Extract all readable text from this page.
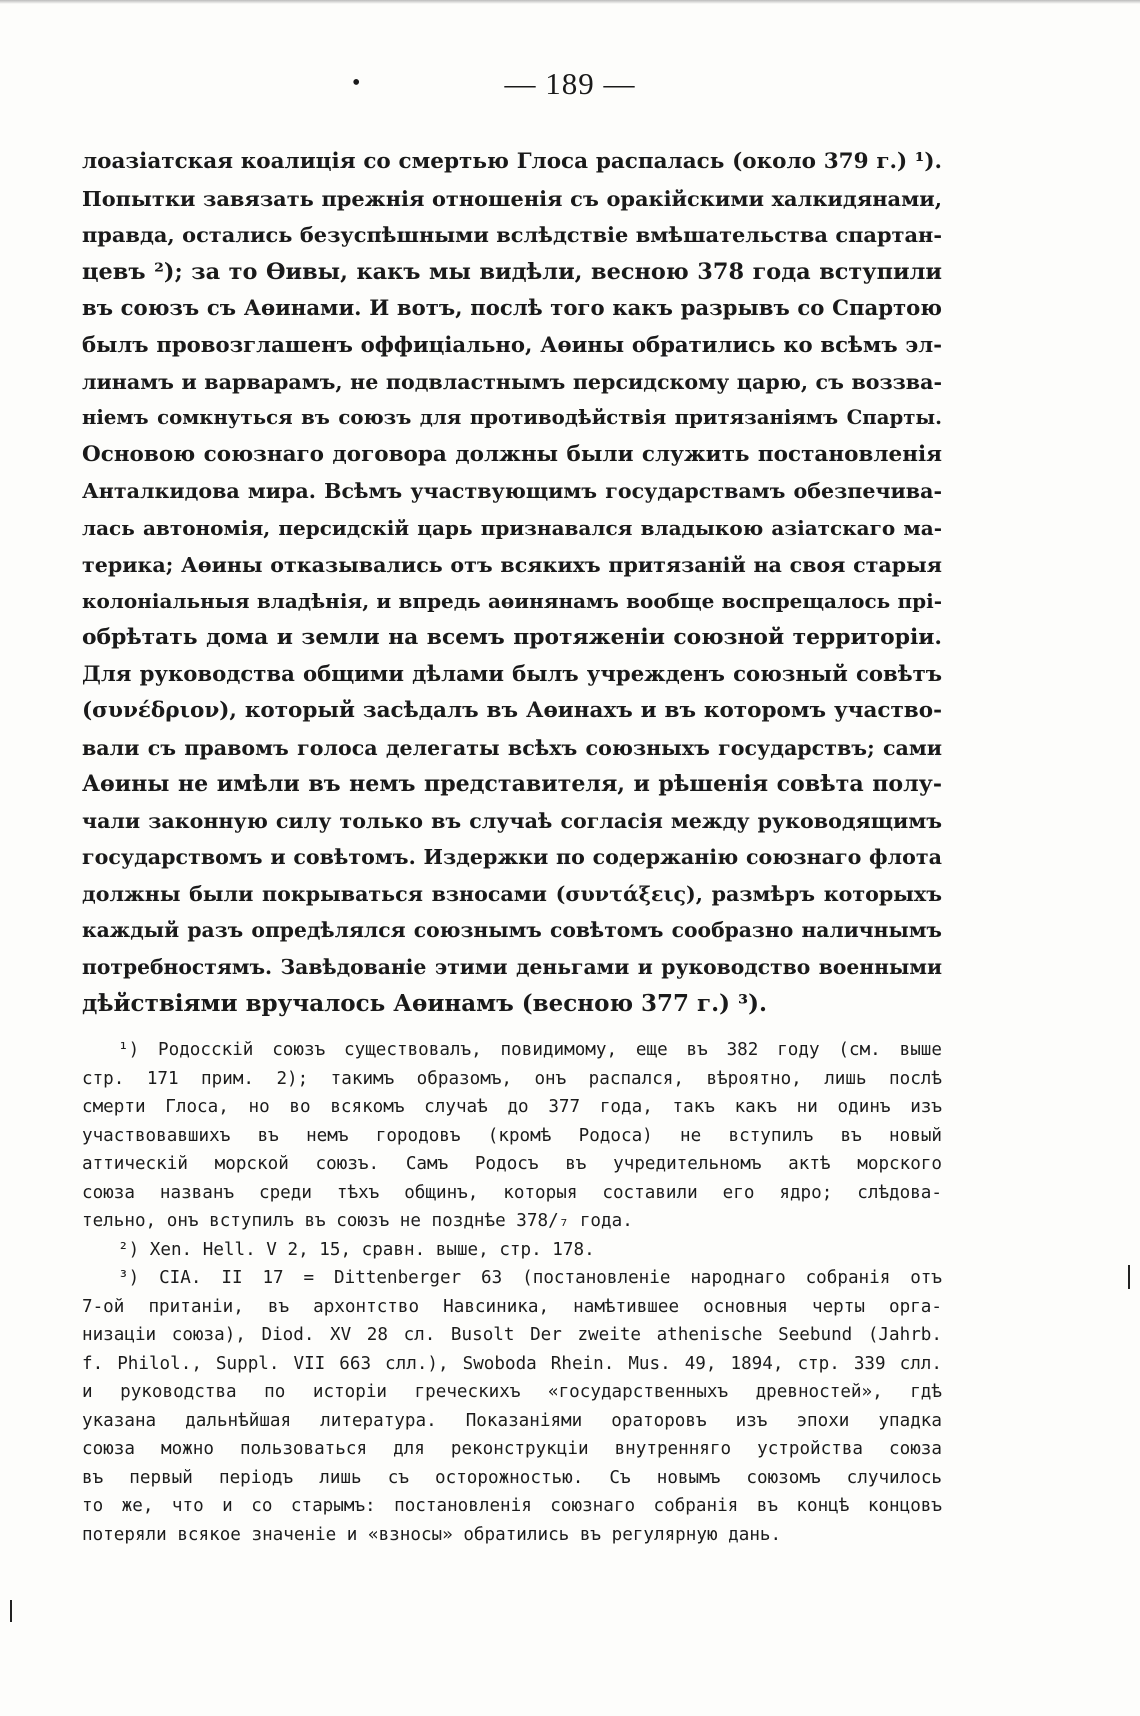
•	— 189 —
лоазіатская коалиція со смертью Глоса распалась (около 379 г.) ¹).
Попытки завязать прежнія отношенія съ оракійскими халкидянами,
правда, остались безуспѣшными вслѣдствіе вмѣшательства спартан-
цевъ ²); за то Өивы, какъ мы видѣли, весною 378 года вступили
въ союзъ съ Аөинами. И вотъ, послѣ того какъ разрывъ со Спартою
былъ провозглашенъ оффиціально, Аөины обратились ко всѣмъ эл-
линамъ и варварамъ, не подвластнымъ персидскому царю, съ воззва-
ніемъ сомкнуться въ союзъ для противодѣйствія притязаніямъ Спарты.
Основою союзнаго договора должны были служить постановленія
Анталкидова мира. Всѣмъ участвующимъ государствамъ обезпечива-
лась автономія, персидскій царь признавался владыкою азіатскаго ма-
терика; Аөины отказывались отъ всякихъ притязаній на своя старыя
колоніальныя владѣнія, и впредь аөинянамъ вообще воспрещалось прі-
обрѣтать дома и земли на всемъ протяженіи союзной территоріи.
Для руководства общими дѣлами былъ учрежденъ союзный совѣтъ
(συνέδριον), который засѣдалъ въ Аөинахъ и въ которомъ участво-
вали съ правомъ голоса делегаты всѣхъ союзныхъ государствъ; сами
Аөины не имѣли въ немъ представителя, и рѣшенія совѣта полу-
чали законную силу только въ случаѣ согласія между руководящимъ
государствомъ и совѣтомъ. Издержки по содержанію союзнаго флота
должны были покрываться взносами (συντάξεις), размѣръ которыхъ
каждый разъ опредѣлялся союзнымъ совѣтомъ сообразно наличнымъ
потребностямъ. Завѣдованіе этими деньгами и руководство военными
дѣйствіями вручалось Аөинамъ (весною 377 г.) ³).
¹) Родосскій союзъ существовалъ, повидимому, еще въ 382 году (см. выше
стр. 171 прим. 2); такимъ образомъ, онъ распался, вѣроятно, лишь послѣ
смерти Глоса, но во всякомъ случаѣ до 377 года, такъ какъ ни одинъ изъ
участвовавшихъ въ немъ городовъ (кромѣ Родоса) не вступилъ въ новый
аттическій морской союзъ. Самъ Родосъ въ учредительномъ актѣ морского
союза названъ среди тѣхъ общинъ, которыя составили его ядро; слѣдова-
тельно, онъ вступилъ въ союзъ не позднѣе 378/₇ года.
²) Xen. Hell. V 2, 15, сравн. выше, стр. 178.
³) CIA. II 17 = Dittenberger 63 (постановленіе народнаго собранія отъ
7-ой пританіи, въ архонтство Навсиника, намѣтившее основныя черты орга-
низаціи союза), Diod. XV 28 сл. Busolt Der zweite athenische Seebund (Jahrb.
f. Philol., Suppl. VII 663 слл.), Swoboda Rhein. Mus. 49, 1894, стр. 339 слл.
и руководства по исторіи греческихъ «государственныхъ древностей», гдѣ
указана дальнѣйшая литература. Показаніями ораторовъ изъ эпохи упадка
союза можно пользоваться для реконструкціи внутренняго устройства союза
въ первый періодъ лишь съ осторожностью. Съ новымъ союзомъ случилось
то же, что и со старымъ: постановленія союзнаго собранія въ концѣ концовъ
потеряли всякое значеніе и «взносы» обратились въ регулярную дань.
